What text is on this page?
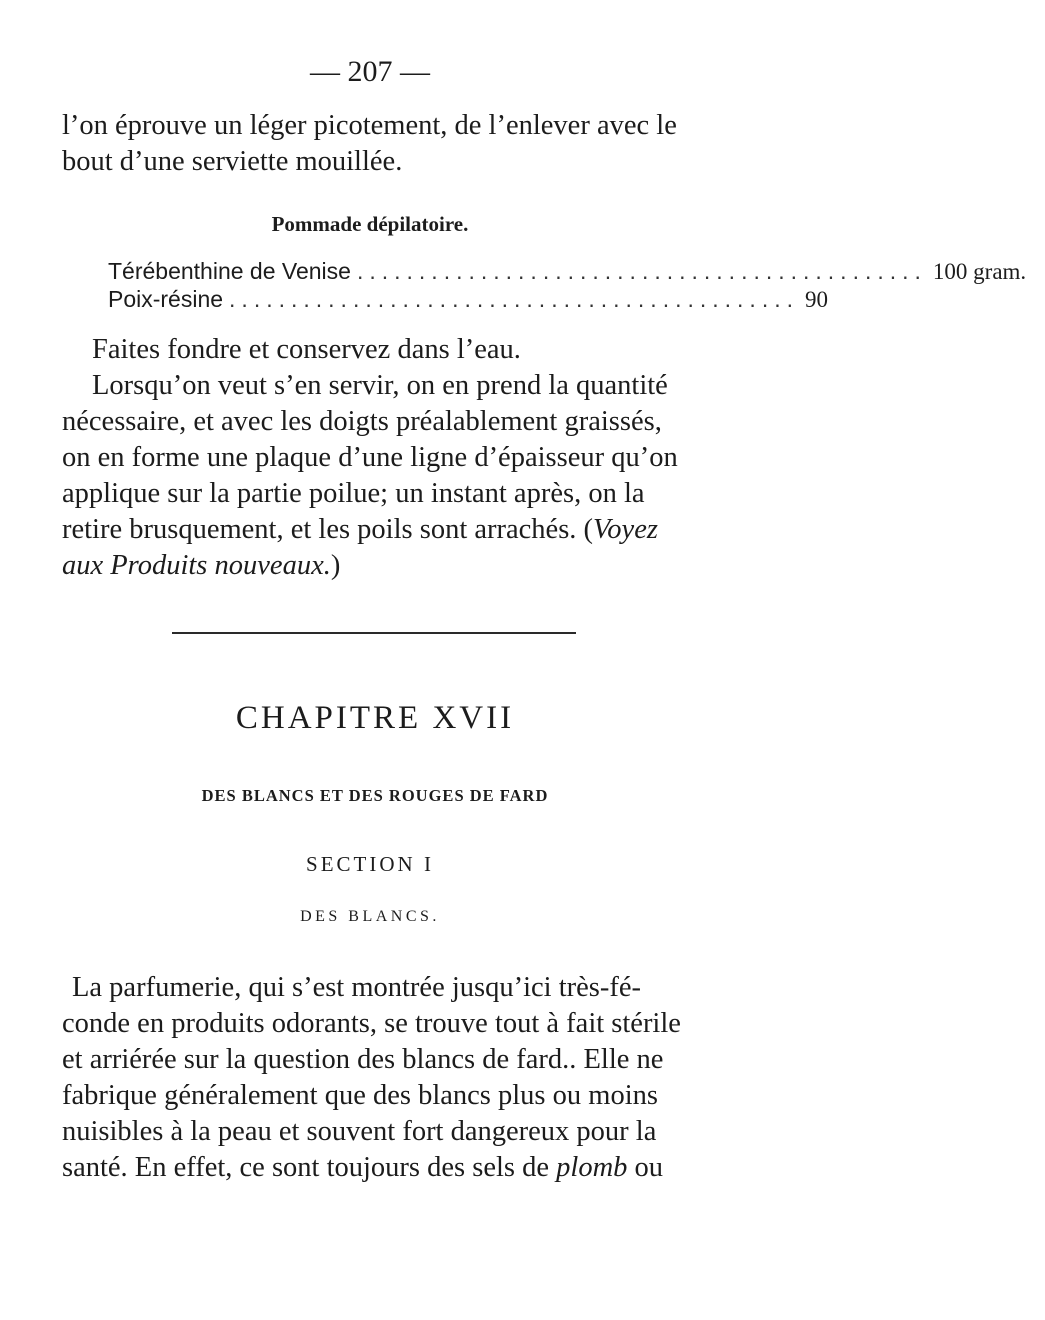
— 207 —
l’on éprouve un léger picotement, de l’enlever avec le
bout d’une serviette mouillée.
Pommade dépilatoire.
Térébenthine de Venise .............................................. 100 gram.
Poix-résine .............................................. 90
Faites fondre et conservez dans l’eau.
Lorsqu’on veut s’en servir, on en prend la quantité
nécessaire, et avec les doigts préalablement graissés,
on en forme une plaque d’une ligne d’épaisseur qu’on
applique sur la partie poilue; un instant après, on la
retire brusquement, et les poils sont arrachés. (Voyez
aux Produits nouveaux.)
CHAPITRE XVII
DES BLANCS ET DES ROUGES DE FARD
SECTION I
DES BLANCS.
La parfumerie, qui s’est montrée jusqu’ici très-fé-
conde en produits odorants, se trouve tout à fait stérile
et arriérée sur la question des blancs de fard.. Elle ne
fabrique généralement que des blancs plus ou moins
nuisibles à la peau et souvent fort dangereux pour la
santé. En effet, ce sont toujours des sels de plomb ou
